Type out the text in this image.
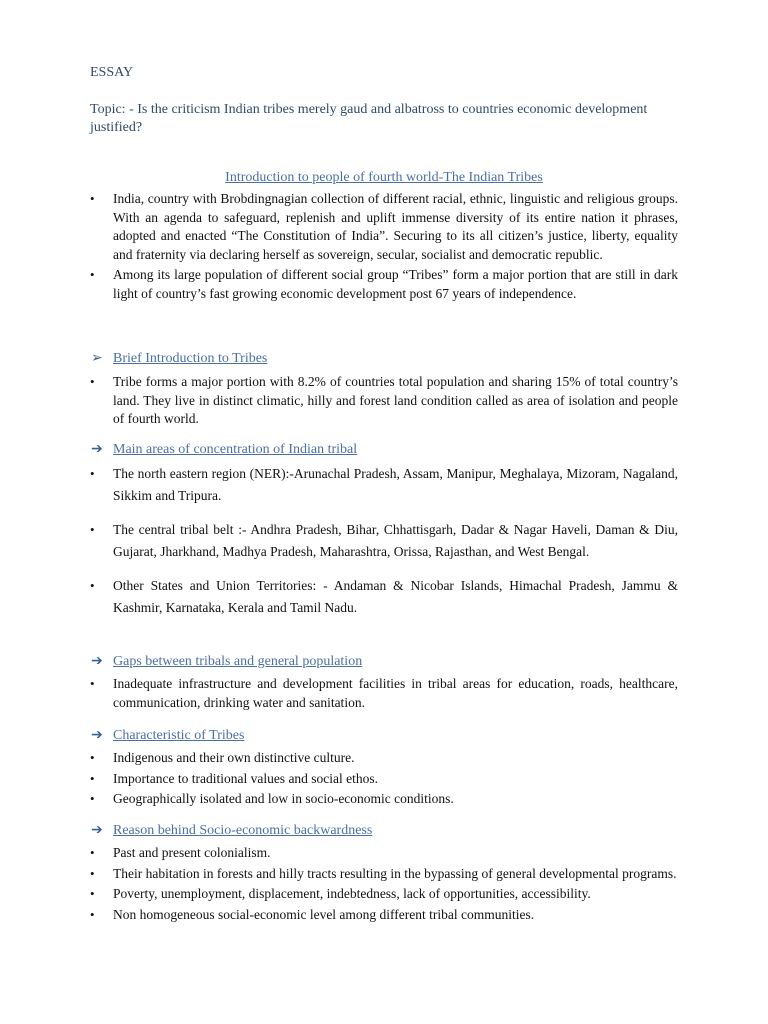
ESSAY
Topic: - Is the criticism Indian tribes merely gaud and albatross to countries economic development justified?
Introduction to people of fourth world-The Indian Tribes
• India, country with Brobdingnagian collection of different racial, ethnic, linguistic and religious groups. With an agenda to safeguard, replenish and uplift immense diversity of its entire nation it phrases, adopted and enacted “The Constitution of India”. Securing to its all citizen’s justice, liberty, equality and fraternity via declaring herself as sovereign, secular, socialist and democratic republic.
• Among its large population of different social group “Tribes” form a major portion that are still in dark light of country’s fast growing economic development post 67 years of independence.
➢ Brief Introduction to Tribes
• Tribe forms a major portion with 8.2% of countries total population and sharing 15% of total country’s land. They live in distinct climatic, hilly and forest land condition called as area of isolation and people of fourth world.
➔ Main areas of concentration of Indian tribal
• The north eastern region (NER):-Arunachal Pradesh, Assam, Manipur, Meghalaya, Mizoram, Nagaland, Sikkim and Tripura.
• The central tribal belt :- Andhra Pradesh, Bihar, Chhattisgarh, Dadar & Nagar Haveli, Daman & Diu, Gujarat, Jharkhand, Madhya Pradesh, Maharashtra, Orissa, Rajasthan, and West Bengal.
• Other States and Union Territories: - Andaman & Nicobar Islands, Himachal Pradesh, Jammu & Kashmir, Karnataka, Kerala and Tamil Nadu.
➔ Gaps between tribals and general population
• Inadequate infrastructure and development facilities in tribal areas for education, roads, healthcare, communication, drinking water and sanitation.
➔ Characteristic of Tribes
• Indigenous and their own distinctive culture.
• Importance to traditional values and social ethos.
• Geographically isolated and low in socio-economic conditions.
➔ Reason behind Socio-economic backwardness
• Past and present colonialism.
• Their habitation in forests and hilly tracts resulting in the bypassing of general developmental programs.
• Poverty, unemployment, displacement, indebtedness, lack of opportunities, accessibility.
• Non homogeneous social-economic level among different tribal communities.
